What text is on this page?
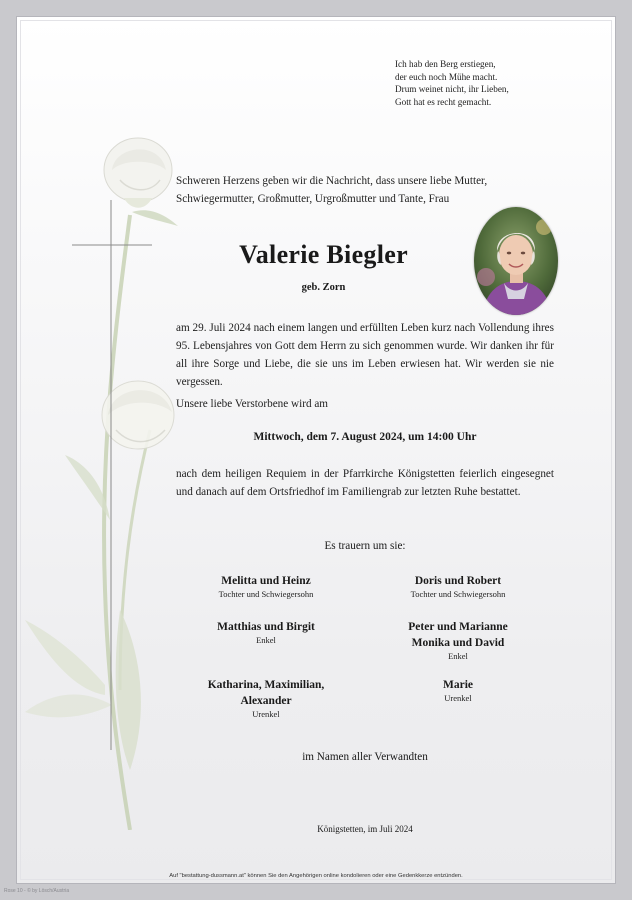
Ich hab den Berg erstiegen,
der euch noch Mühe macht.
Drum weinet nicht, ihr Lieben,
Gott hat es recht gemacht.
Schweren Herzens geben wir die Nachricht, dass unsere liebe Mutter, Schwiegermutter, Großmutter, Urgroßmutter und Tante, Frau
Valerie Biegler
geb. Zorn
am 29. Juli 2024 nach einem langen und erfüllten Leben kurz nach Vollendung ihres 95. Lebensjahres von Gott dem Herrn zu sich genommen wurde. Wir danken ihr für all ihre Sorge und Liebe, die sie uns im Leben erwiesen hat. Wir werden sie nie vergessen.
Unsere liebe Verstorbene wird am
Mittwoch, dem 7. August 2024, um 14:00 Uhr
nach dem heiligen Requiem in der Pfarrkirche Königstetten feierlich eingesegnet und danach auf dem Ortsfriedhof im Familiengrab zur letzten Ruhe bestattet.
Es trauern um sie:
Melitta und Heinz
Tochter und Schwiegersohn
Doris und Robert
Tochter und Schwiegersohn
Matthias und Birgit
Enkel
Peter und Marianne
Monika und David
Enkel
Katharina, Maximilian,
Alexander
Urenkel
Marie
Urenkel
im Namen aller Verwandten
Königstetten, im Juli 2024
Auf "bestattung-dussmann.at" können Sie den Angehörigen online kondolieren oder eine Gedenkkerze entzünden.
Rose 10 - © by Lösch/Austria
